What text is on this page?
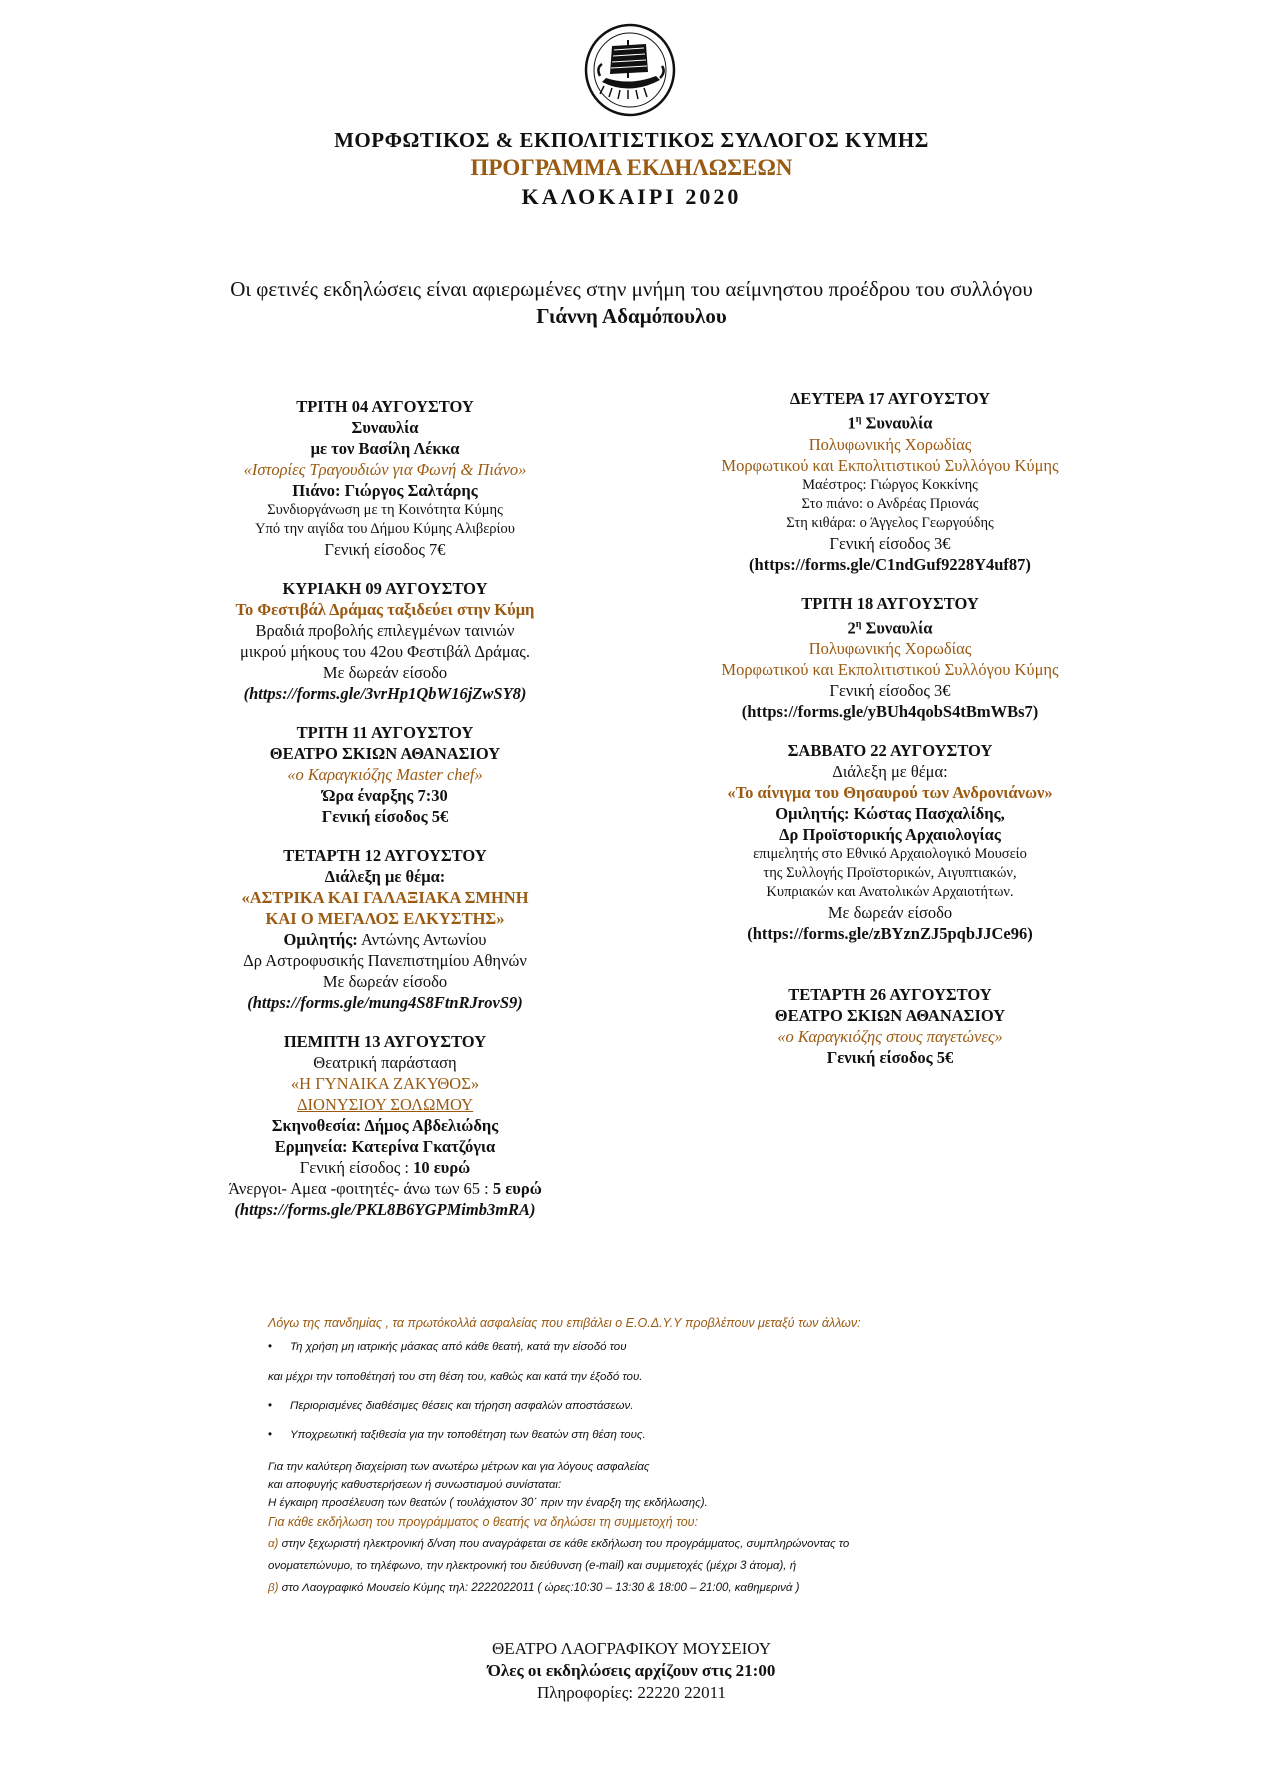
ΜΟΡΦΩΤΙΚΟΣ & ΕΚΠΟΛΙΤΙΣΤΙΚΟΣ ΣΥΛΛΟΓΟΣ ΚΥΜΗΣ
ΠΡΟΓΡΑΜΜΑ ΕΚΔΗΛΩΣΕΩΝ
ΚΑΛΟΚΑΙΡΙ 2020
Οι φετινές εκδηλώσεις είναι αφιερωμένες στην μνήμη του αείμνηστου προέδρου του συλλόγου
Γιάννη Αδαμόπουλου
ΤΡΙΤΗ 04 ΑΥΓΟΥΣΤΟΥ
Συναυλία
με τον Βασίλη Λέκκα
«Ιστορίες Τραγουδιών για Φωνή & Πιάνο»
Πιάνο: Γιώργος Σαλτάρης
Συνδιοργάνωση με τη Κοινότητα Κύμης
Υπό την αιγίδα του Δήμου Κύμης Αλιβερίου
Γενική είσοδος 7€
ΚΥΡΙΑΚΗ 09 ΑΥΓΟΥΣΤΟΥ
Το Φεστιβάλ Δράμας ταξιδεύει στην Κύμη
Βραδιά προβολής επιλεγμένων ταινιών
μικρού μήκους του 42ου Φεστιβάλ Δράμας.
Με δωρεάν είσοδο
(https://forms.gle/3vrHp1QbW16jZwSY8)
ΤΡΙΤΗ 11 ΑΥΓΟΥΣΤΟΥ
ΘΕΑΤΡΟ ΣΚΙΩΝ ΑΘΑΝΑΣΙΟΥ
«ο Καραγκιόζης Master chef»
Ώρα έναρξης 7:30
Γενική είσοδος 5€
ΤΕΤΑΡΤΗ 12 ΑΥΓΟΥΣΤΟΥ
Διάλεξη με θέμα:
«ΑΣΤΡΙΚΑ ΚΑΙ ΓΑΛΑΞΙΑΚΑ ΣΜΗΝΗ
ΚΑΙ Ο ΜΕΓΑΛΟΣ ΕΛΚΥΣΤΗΣ»
Ομιλητής: Αντώνης Αντωνίου
Δρ Αστροφυσικής Πανεπιστημίου Αθηνών
Με δωρεάν είσοδο
(https://forms.gle/mung4S8FtnRJrovS9)
ΠΕΜΠΤΗ 13 ΑΥΓΟΥΣΤΟΥ
Θεατρική παράσταση
«Η ΓΥΝΑΙΚΑ ΖΑΚΥΘΟΣ»
ΔΙΟΝΥΣΙΟΥ ΣΟΛΩΜΟΥ
Σκηνοθεσία: Δήμος Αβδελιώδης
Ερμηνεία: Κατερίνα Γκατζόγια
Γενική είσοδος : 10 ευρώ
Άνεργοι- Αμεα -φοιτητές- άνω των 65 : 5 ευρώ
(https://forms.gle/PKL8B6YGPMimb3mRA)
ΔΕΥΤΕΡΑ 17 ΑΥΓΟΥΣΤΟΥ
$1^\eta$ Συναυλία
Πολυφωνικής Χορωδίας
Μορφωτικού και Εκπολιτιστικού Συλλόγου Κύμης
Μαέστρος: Γιώργος Κοκκίνης
Στο πιάνο: ο Ανδρέας Πριονάς
Στη κιθάρα: ο Άγγελος Γεωργούδης
Γενική είσοδος 3€
(https://forms.gle/C1ndGuf9228Y4uf87)
ΤΡΙΤΗ 18 ΑΥΓΟΥΣΤΟΥ
$2^\eta$ Συναυλία
Πολυφωνικής Χορωδίας
Μορφωτικού και Εκπολιτιστικού Συλλόγου Κύμης
Γενική είσοδος 3€
(https://forms.gle/yBUh4qobS4tBmWBs7)
ΣΑΒΒΑΤΟ 22 ΑΥΓΟΥΣΤΟΥ
Διάλεξη με θέμα:
«Το αίνιγμα του Θησαυρού των Ανδρονιάνων»
Ομιλητής: Κώστας Πασχαλίδης,
Δρ Προϊστορικής Αρχαιολογίας
επιμελητής στο Εθνικό Αρχαιολογικό Μουσείο
της Συλλογής Προϊστορικών, Αιγυπτιακών,
Κυπριακών και Ανατολικών Αρχαιοτήτων.
Με δωρεάν είσοδο
(https://forms.gle/zBYznZJ5pqbJJCe96)
ΤΕΤΑΡΤΗ 26 ΑΥΓΟΥΣΤΟΥ
ΘΕΑΤΡΟ ΣΚΙΩΝ ΑΘΑΝΑΣΙΟΥ
«ο Καραγκιόζης στους παγετώνες»
Γενική είσοδος 5€
Λόγω της πανδημίας , τα πρωτόκολλά ασφαλείας που επιβάλει ο Ε.Ο.Δ.Υ.Υ προβλέπουν μεταξύ των άλλων:
• Τη χρήση μη ιατρικής μάσκας από κάθε θεατή, κατά την είσοδό του
και μέχρι την τοποθέτησή του στη θέση του, καθώς και κατά την έξοδό του.
• Περιορισμένες διαθέσιμες θέσεις και τήρηση ασφαλών αποστάσεων.
• Υποχρεωτική ταξιθεσία για την τοποθέτηση των θεατών στη θέση τους.
Για την καλύτερη διαχείριση των ανωτέρω μέτρων και για λόγους ασφαλείας
και αποφυγής καθυστερήσεων ή συνωστισμού συνίσταται:
Η έγκαιρη προσέλευση των θεατών ( τουλάχιστον 30΄ πριν την έναρξη της εκδήλωσης).
Για κάθε εκδήλωση του προγράμματος ο θεατής να δηλώσει τη συμμετοχή του:
α) στην ξεχωριστή ηλεκτρονική δ/νση που αναγράφεται σε κάθε εκδήλωση του προγράμματος, συμπληρώνοντας το
ονοματεπώνυμο, το τηλέφωνο, την ηλεκτρονική του διεύθυνση (e-mail) και συμμετοχές (μέχρι 3 άτομα), ή
β) στο Λαογραφικό Μουσείο Κύμης τηλ: 2222022011 ( ώρες:10:30 – 13:30 & 18:00 – 21:00, καθημερινά )
ΘΕΑΤΡΟ ΛΑΟΓΡΑΦΙΚΟΥ ΜΟΥΣΕΙΟΥ
Όλες οι εκδηλώσεις αρχίζουν στις 21:00
Πληροφορίες: 22220 22011
